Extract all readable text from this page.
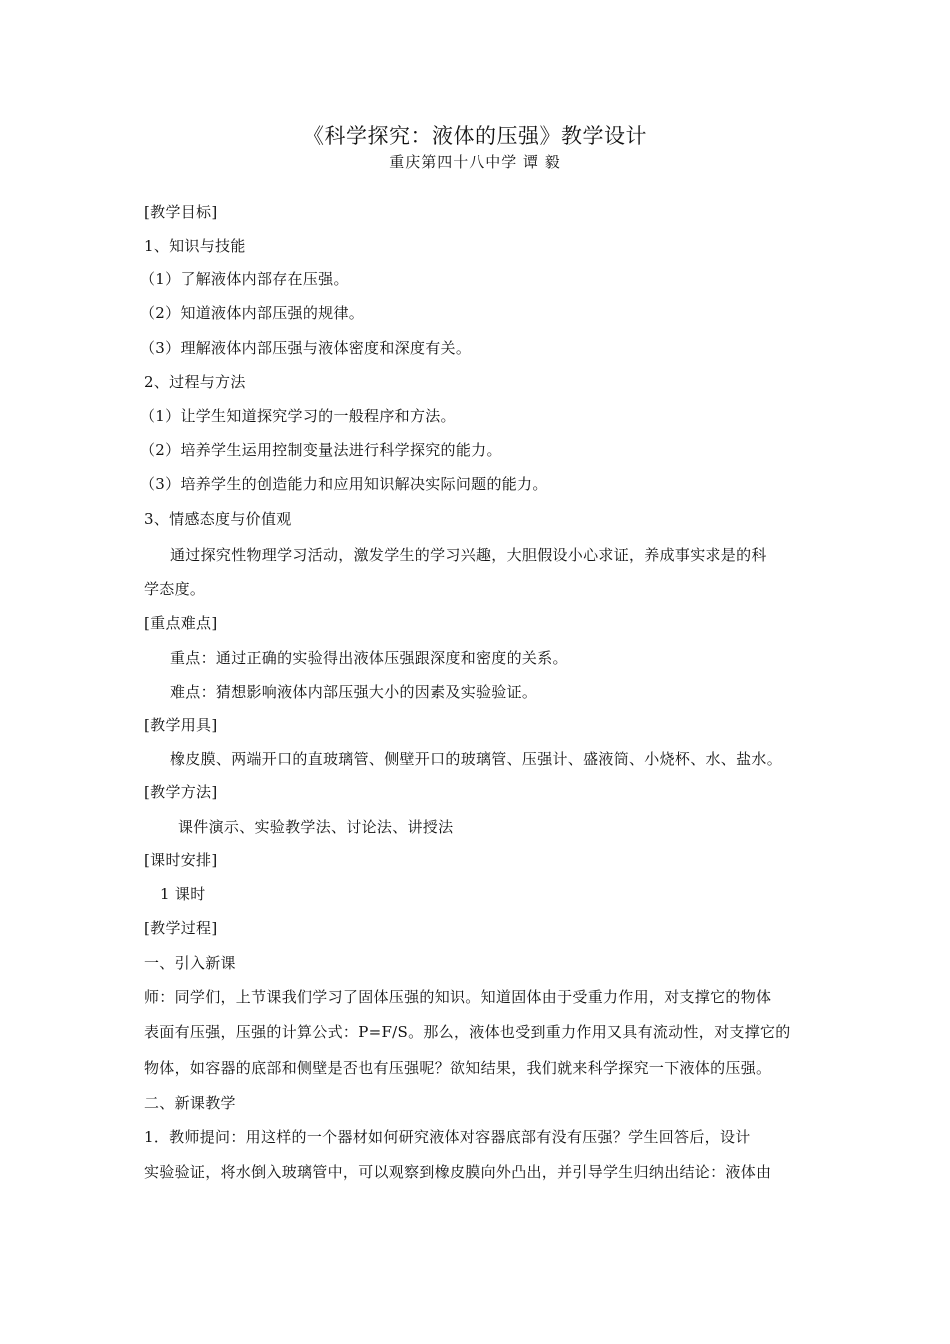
《科学探究：液体的压强》教学设计
重庆第四十八中学 谭 毅
[教学目标]
1、知识与技能
（1）了解液体内部存在压强。
（2）知道液体内部压强的规律。
（3）理解液体内部压强与液体密度和深度有关。
2、过程与方法
（1）让学生知道探究学习的一般程序和方法。
（2）培养学生运用控制变量法进行科学探究的能力。
（3）培养学生的创造能力和应用知识解决实际问题的能力。
3、情感态度与价值观
通过探究性物理学习活动，激发学生的学习兴趣，大胆假设小心求证，养成事实求是的科
学态度。
[重点难点]
重点：通过正确的实验得出液体压强跟深度和密度的关系。
难点：猜想影响液体内部压强大小的因素及实验验证。
[教学用具]
橡皮膜、两端开口的直玻璃管、侧壁开口的玻璃管、压强计、盛液筒、小烧杯、水、盐水。
[教学方法]
课件演示、实验教学法、讨论法、讲授法
[课时安排]
1 课时
[教学过程]
一、引入新课
师：同学们，上节课我们学习了固体压强的知识。知道固体由于受重力作用，对支撑它的物体
表面有压强，压强的计算公式：P=F/S。那么，液体也受到重力作用又具有流动性，对支撑它的
物体，如容器的底部和侧壁是否也有压强呢？欲知结果，我们就来科学探究一下液体的压强。
二、新课教学
1．教师提问：用这样的一个器材如何研究液体对容器底部有没有压强？学生回答后，设计
实验验证，将水倒入玻璃管中，可以观察到橡皮膜向外凸出，并引导学生归纳出结论：液体由
